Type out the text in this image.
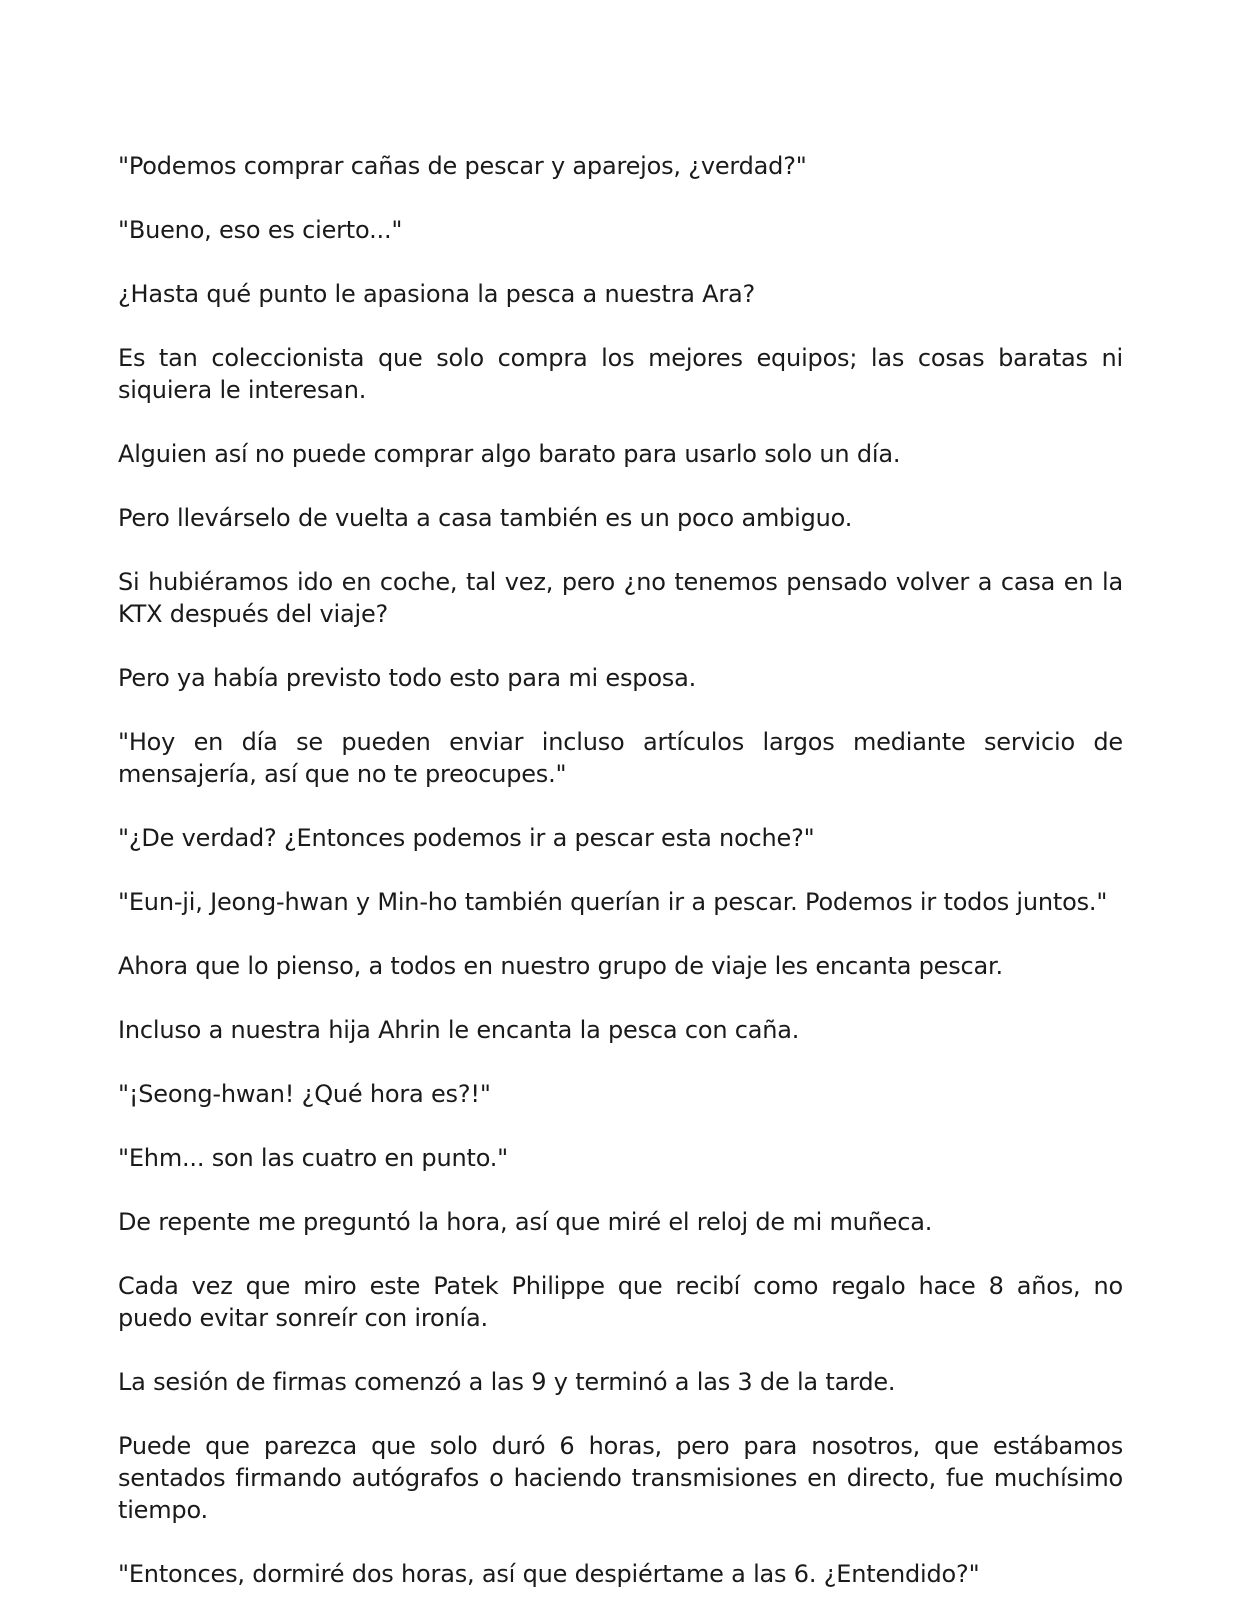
"Podemos comprar cañas de pescar y aparejos, ¿verdad?"

"Bueno, eso es cierto..."

¿Hasta qué punto le apasiona la pesca a nuestra Ara?

Es tan coleccionista que solo compra los mejores equipos; las cosas baratas ni siquiera le interesan.

Alguien así no puede comprar algo barato para usarlo solo un día.

Pero llevárselo de vuelta a casa también es un poco ambiguo.

Si hubiéramos ido en coche, tal vez, pero ¿no tenemos pensado volver a casa en la KTX después del viaje?

Pero ya había previsto todo esto para mi esposa.

"Hoy en día se pueden enviar incluso artículos largos mediante servicio de mensajería, así que no te preocupes."

"¿De verdad? ¿Entonces podemos ir a pescar esta noche?"

"Eun-ji, Jeong-hwan y Min-ho también querían ir a pescar. Podemos ir todos juntos."

Ahora que lo pienso, a todos en nuestro grupo de viaje les encanta pescar.

Incluso a nuestra hija Ahrin le encanta la pesca con caña.

"¡Seong-hwan! ¿Qué hora es?!"

"Ehm... son las cuatro en punto."

De repente me preguntó la hora, así que miré el reloj de mi muñeca.

Cada vez que miro este Patek Philippe que recibí como regalo hace 8 años, no puedo evitar sonreír con ironía.

La sesión de firmas comenzó a las 9 y terminó a las 3 de la tarde.

Puede que parezca que solo duró 6 horas, pero para nosotros, que estábamos sentados firmando autógrafos o haciendo transmisiones en directo, fue muchísimo tiempo.

"Entonces, dormiré dos horas, así que despiértame a las 6. ¿Entendido?"
